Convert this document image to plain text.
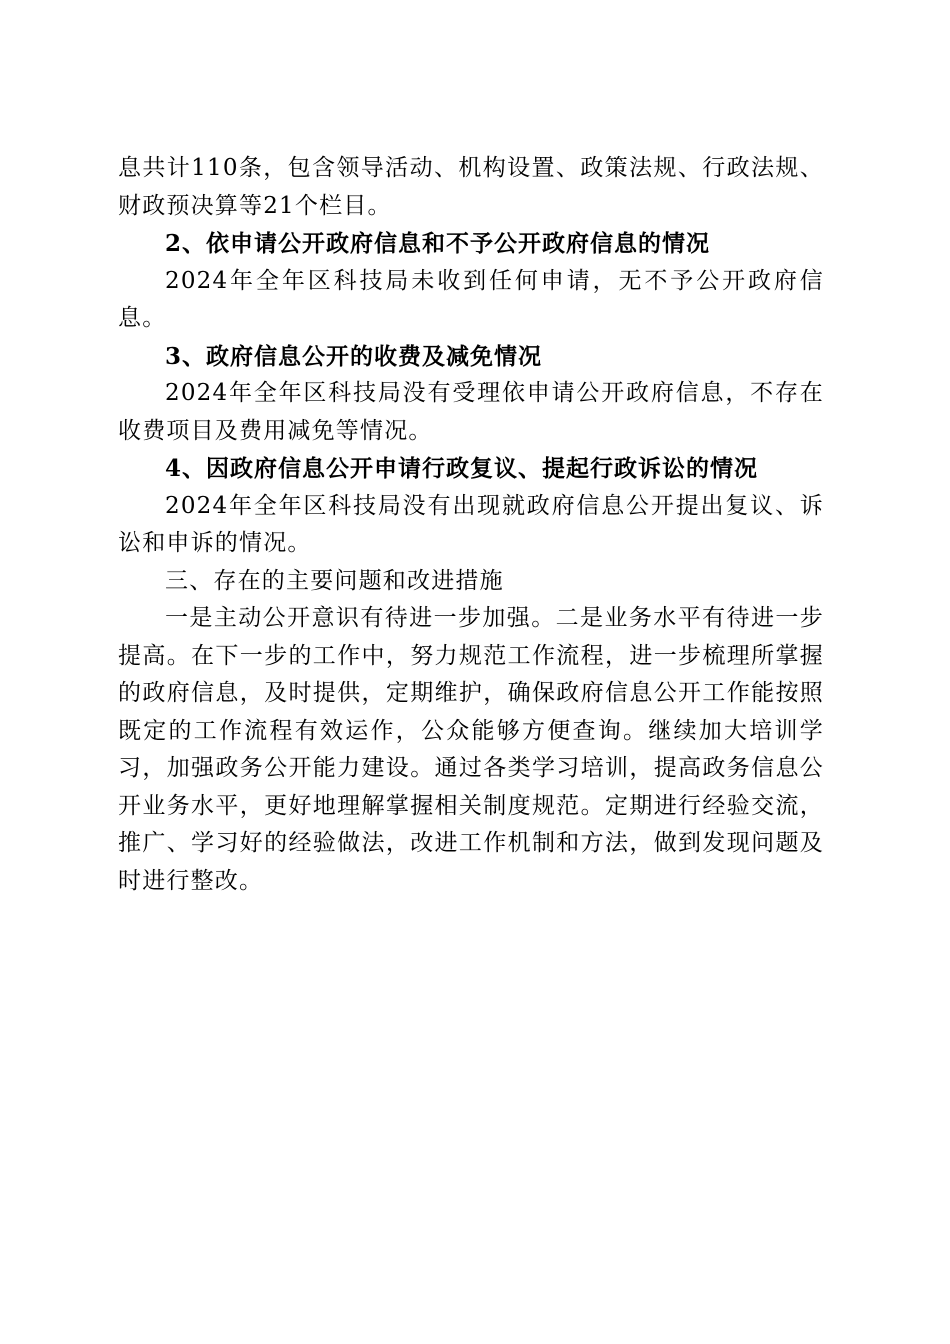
息共计110条，包含领导活动、机构设置、政策法规、行政法规、财政预决算等21个栏目。

2、依申请公开政府信息和不予公开政府信息的情况

2024年全年区科技局未收到任何申请，无不予公开政府信息。

3、政府信息公开的收费及减免情况

2024年全年区科技局没有受理依申请公开政府信息，不存在收费项目及费用减免等情况。

4、因政府信息公开申请行政复议、提起行政诉讼的情况

2024年全年区科技局没有出现就政府信息公开提出复议、诉讼和申诉的情况。

三、存在的主要问题和改进措施

一是主动公开意识有待进一步加强。二是业务水平有待进一步提高。在下一步的工作中，努力规范工作流程，进一步梳理所掌握的政府信息，及时提供，定期维护，确保政府信息公开工作能按照既定的工作流程有效运作，公众能够方便查询。继续加大培训学习，加强政务公开能力建设。通过各类学习培训，提高政务信息公开业务水平，更好地理解掌握相关制度规范。定期进行经验交流，推广、学习好的经验做法，改进工作机制和方法，做到发现问题及时进行整改。
